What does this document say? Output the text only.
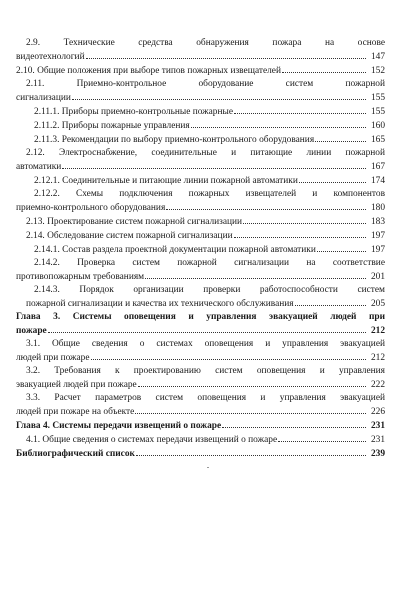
2.9. Технические средства обнаружения пожара на основе
видеотехнологий	147
2.10. Общие положения при выборе типов пожарных извещателей	152
2.11. Приемно-контрольное оборудование систем пожарной
сигнализации	155
2.11.1. Приборы приемно-контрольные пожарные	155
2.11.2. Приборы пожарные управления	160
2.11.3. Рекомендации по выбору приемно-контрольного оборудования	165
2.12. Электроснабжение, соединительные и питающие линии пожарной
автоматики	167
2.12.1. Соединительные и питающие линии пожарной автоматики	174
2.12.2. Схемы подключения пожарных извещателей и компонентов
приемно-контрольного оборудования	180
2.13. Проектирование систем пожарной сигнализации	183
2.14. Обследование систем пожарной сигнализации	197
2.14.1. Состав раздела проектной документации пожарной автоматики	197
2.14.2. Проверка систем пожарной сигнализации на соответствие
противопожарным требованиям	201
2.14.3. Порядок организации проверки работоспособности систем
пожарной сигнализации и качества их технического обслуживания	205
Глава 3. Системы оповещения и управления эвакуацией людей при
пожаре	212
3.1. Общие сведения о системах оповещения и управления эвакуацией
людей при пожаре	212
3.2. Требования к проектированию систем оповещения и управления
эвакуацией людей при пожаре	222
3.3. Расчет параметров систем оповещения и управления эвакуацией
людей при пожаре на объекте	226
Глава 4. Системы передачи извещений о пожаре	231
4.1. Общие сведения о системах передачи извещений о пожаре	231
Библиографический список	239
